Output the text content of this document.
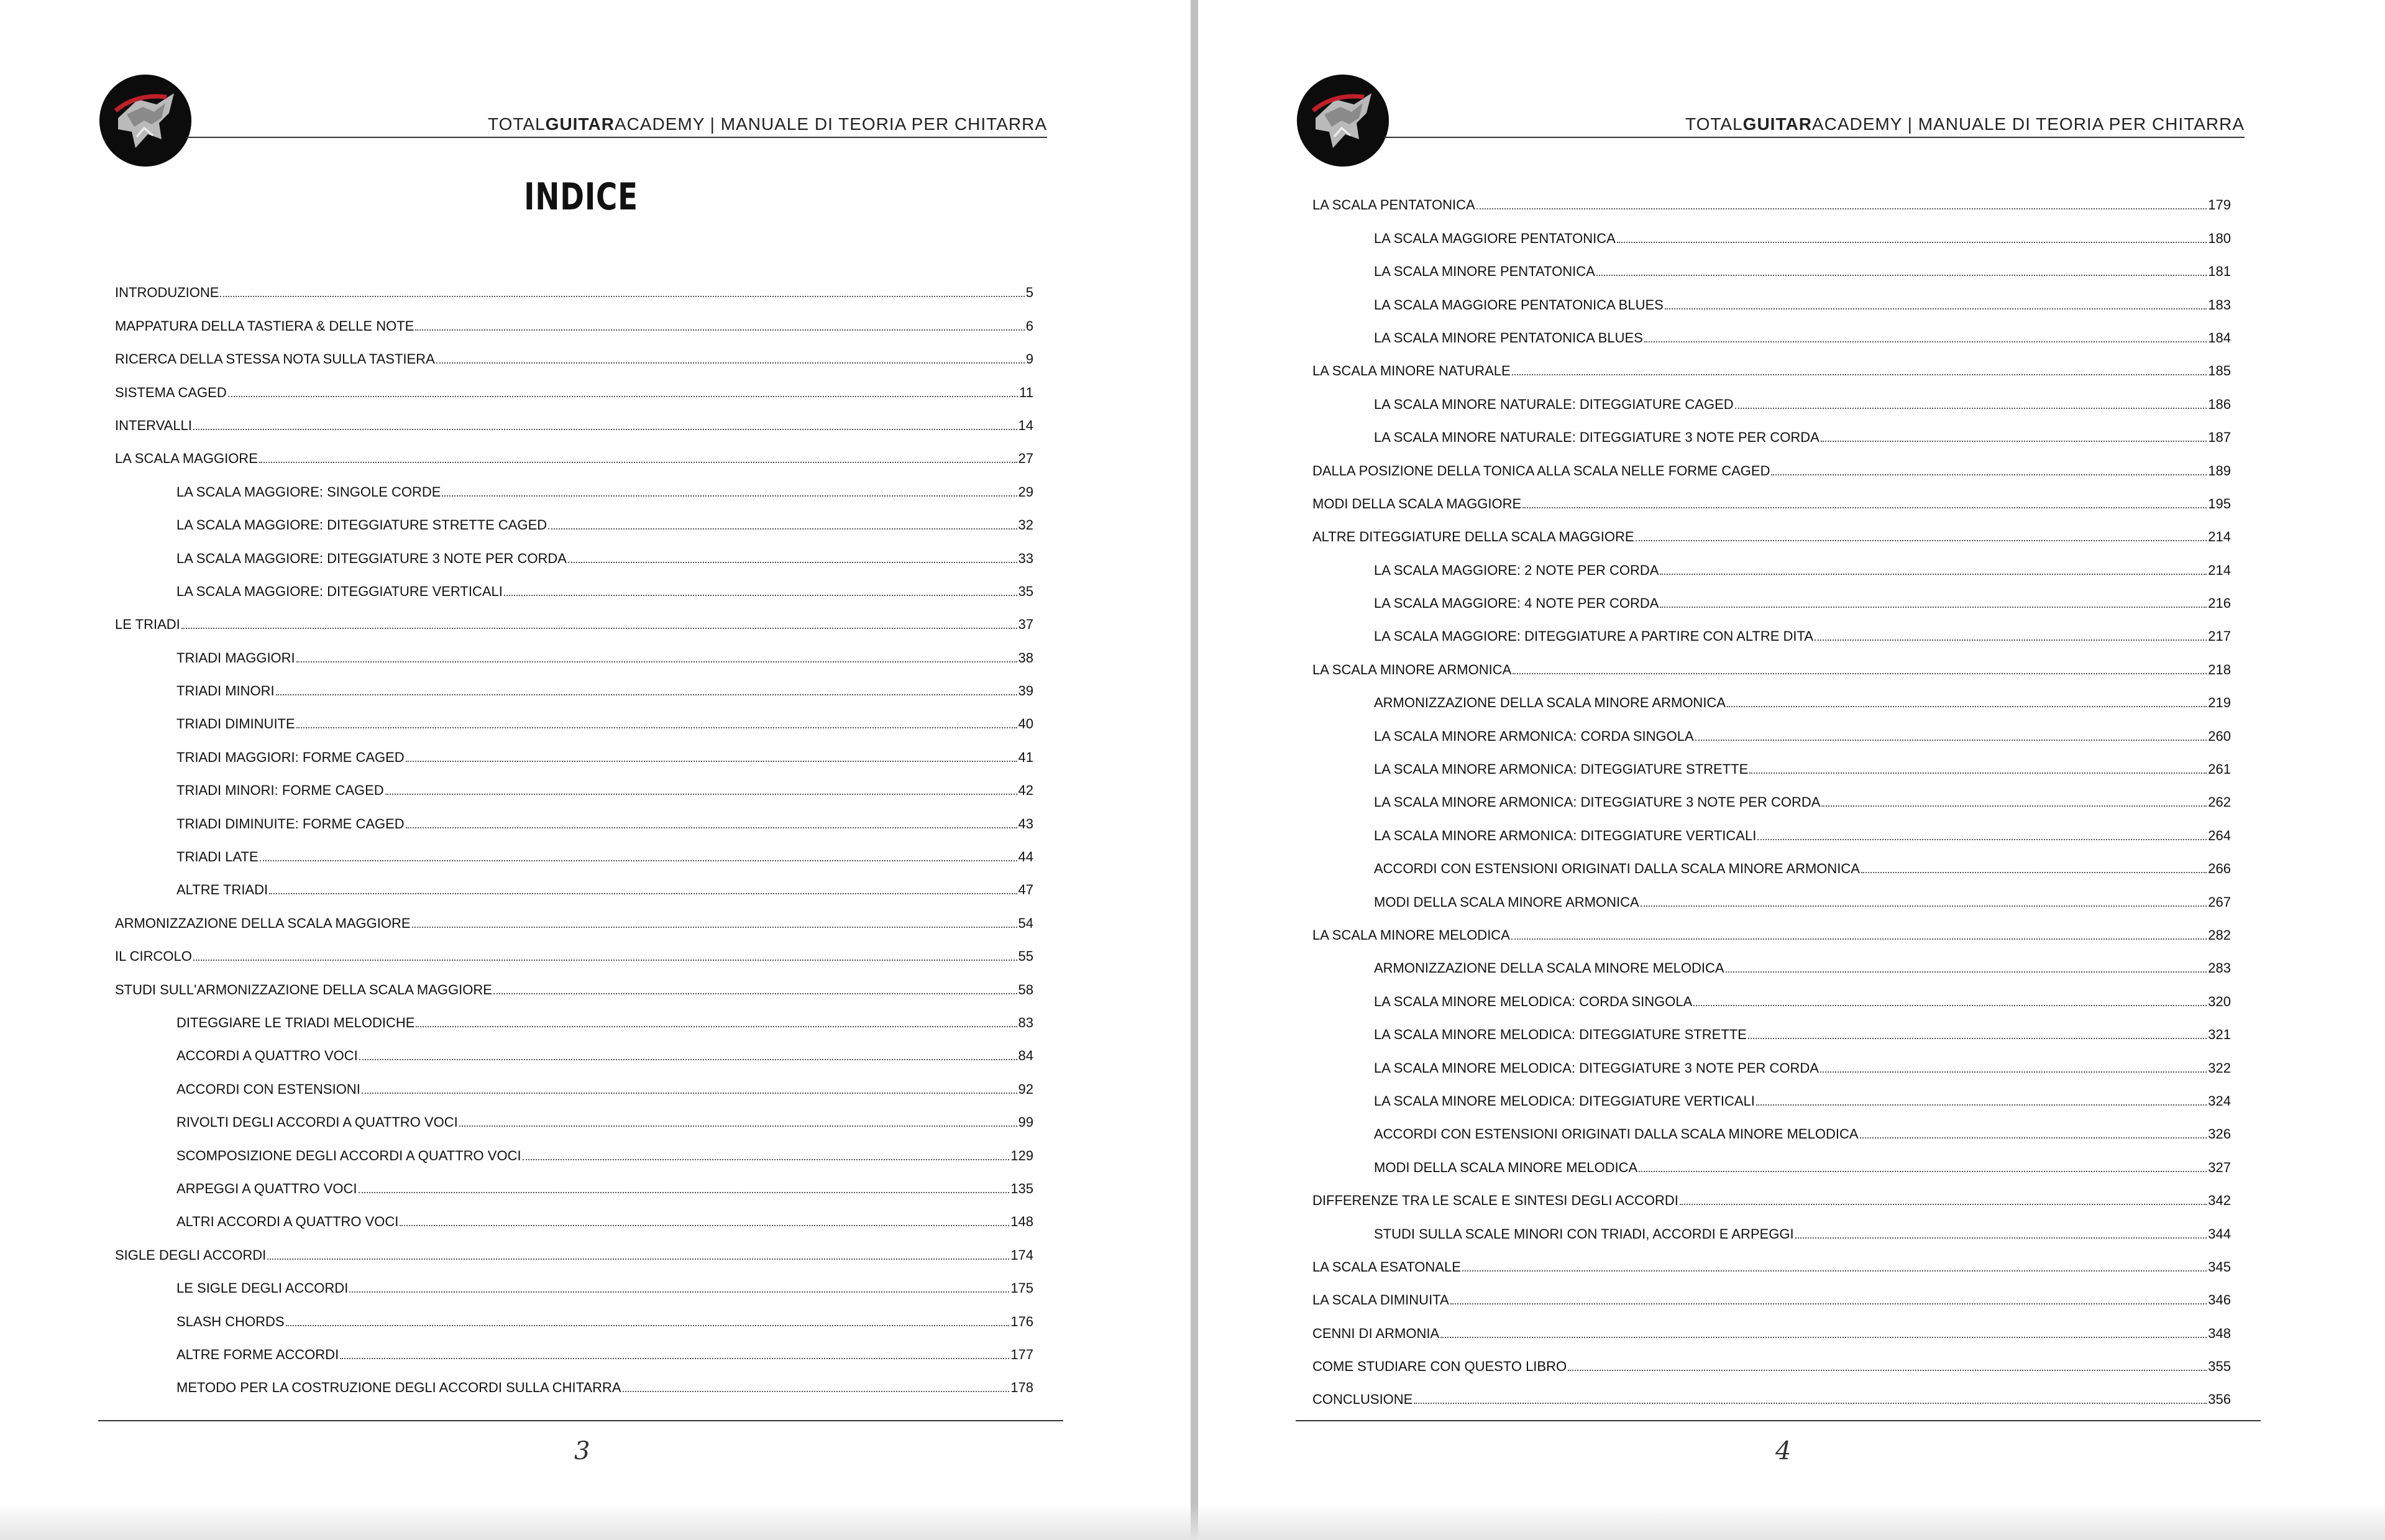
TOTALGUITARACADEMY | MANUALE DI TEORIA PER CHITARRA
INDICE
INTRODUZIONE	5
MAPPATURA DELLA TASTIERA & DELLE NOTE	6
RICERCA DELLA STESSA NOTA SULLA TASTIERA	9
SISTEMA CAGED	11
INTERVALLI	14
LA SCALA MAGGIORE	27
LA SCALA MAGGIORE: SINGOLE CORDE	29
LA SCALA MAGGIORE: DITEGGIATURE STRETTE CAGED	32
LA SCALA MAGGIORE: DITEGGIATURE 3 NOTE PER CORDA	33
LA SCALA MAGGIORE: DITEGGIATURE VERTICALI	35
LE TRIADI	37
TRIADI MAGGIORI	38
TRIADI MINORI	39
TRIADI DIMINUITE	40
TRIADI MAGGIORI: FORME CAGED	41
TRIADI MINORI: FORME CAGED	42
TRIADI DIMINUITE: FORME CAGED	43
TRIADI LATE	44
ALTRE TRIADI	47
ARMONIZZAZIONE DELLA SCALA MAGGIORE	54
IL CIRCOLO	55
STUDI SULL'ARMONIZZAZIONE DELLA SCALA MAGGIORE	58
DITEGGIARE LE TRIADI MELODICHE	83
ACCORDI A QUATTRO VOCI	84
ACCORDI CON ESTENSIONI	92
RIVOLTI DEGLI ACCORDI A QUATTRO VOCI	99
SCOMPOSIZIONE DEGLI ACCORDI A QUATTRO VOCI	129
ARPEGGI A QUATTRO VOCI	135
ALTRI ACCORDI A QUATTRO VOCI	148
SIGLE DEGLI ACCORDI	174
LE SIGLE DEGLI ACCORDI	175
SLASH CHORDS	176
ALTRE FORME ACCORDI	177
METODO PER LA COSTRUZIONE DEGLI ACCORDI SULLA CHITARRA	178
3
TOTALGUITARACADEMY | MANUALE DI TEORIA PER CHITARRA
4
LA SCALA PENTATONICA	179
LA SCALA MAGGIORE PENTATONICA	180
LA SCALA MINORE PENTATONICA	181
LA SCALA MAGGIORE PENTATONICA BLUES	183
LA SCALA MINORE PENTATONICA BLUES	184
LA SCALA MINORE NATURALE	185
LA SCALA MINORE NATURALE: DITEGGIATURE CAGED	186
LA SCALA MINORE NATURALE: DITEGGIATURE 3 NOTE PER CORDA	187
DALLA POSIZIONE DELLA TONICA ALLA SCALA NELLE FORME CAGED	189
MODI DELLA SCALA MAGGIORE	195
ALTRE DITEGGIATURE DELLA SCALA MAGGIORE	214
LA SCALA MAGGIORE: 2 NOTE PER CORDA	214
LA SCALA MAGGIORE: 4 NOTE PER CORDA	216
LA SCALA MAGGIORE: DITEGGIATURE A PARTIRE CON ALTRE DITA	217
LA SCALA MINORE ARMONICA	218
ARMONIZZAZIONE DELLA SCALA MINORE ARMONICA	219
LA SCALA MINORE ARMONICA: CORDA SINGOLA	260
LA SCALA MINORE ARMONICA: DITEGGIATURE STRETTE	261
LA SCALA MINORE ARMONICA: DITEGGIATURE 3 NOTE PER CORDA	262
LA SCALA MINORE ARMONICA: DITEGGIATURE VERTICALI	264
ACCORDI CON ESTENSIONI ORIGINATI DALLA SCALA MINORE ARMONICA	266
MODI DELLA SCALA MINORE ARMONICA	267
LA SCALA MINORE MELODICA	282
ARMONIZZAZIONE DELLA SCALA MINORE MELODICA	283
LA SCALA MINORE MELODICA: CORDA SINGOLA	320
LA SCALA MINORE MELODICA: DITEGGIATURE STRETTE	321
LA SCALA MINORE MELODICA: DITEGGIATURE 3 NOTE PER CORDA	322
LA SCALA MINORE MELODICA: DITEGGIATURE VERTICALI	324
ACCORDI CON ESTENSIONI ORIGINATI DALLA SCALA MINORE MELODICA	326
MODI DELLA SCALA MINORE MELODICA	327
DIFFERENZE TRA LE SCALE E SINTESI DEGLI ACCORDI	342
STUDI SULLA SCALE MINORI CON TRIADI, ACCORDI E ARPEGGI	344
LA SCALA ESATONALE	345
LA SCALA DIMINUITA	346
CENNI DI ARMONIA	348
COME STUDIARE CON QUESTO LIBRO	355
CONCLUSIONE	356
